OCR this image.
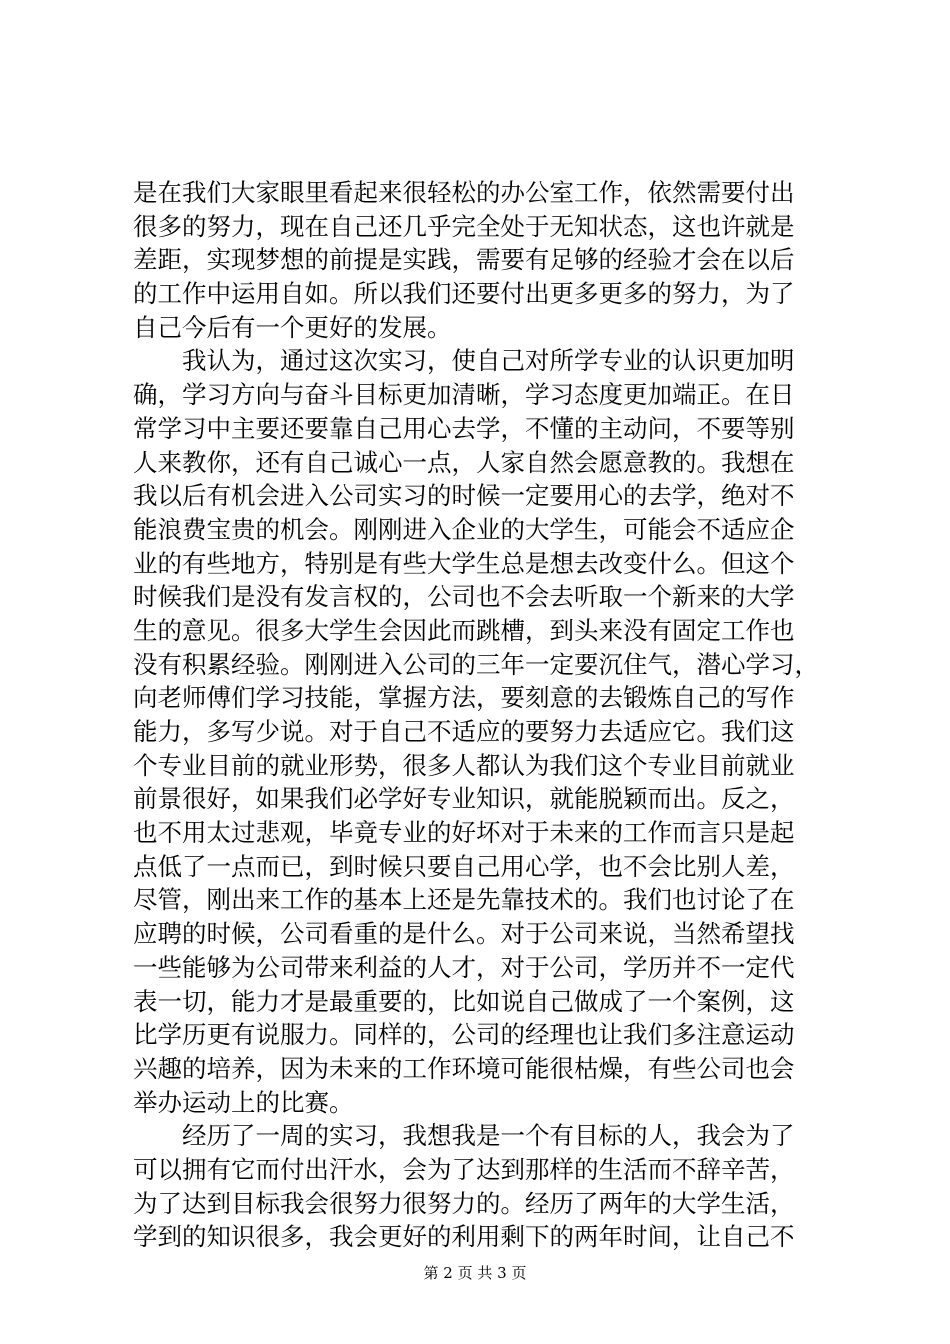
是在我们大家眼里看起来很轻松的办公室工作，依然需要付出
很多的努力，现在自己还几乎完全处于无知状态，这也许就是
差距，实现梦想的前提是实践，需要有足够的经验才会在以后
的工作中运用自如。所以我们还要付出更多更多的努力，为了
自己今后有一个更好的发展。
　　我认为，通过这次实习，使自己对所学专业的认识更加明
确，学习方向与奋斗目标更加清晰，学习态度更加端正。在日
常学习中主要还要靠自己用心去学，不懂的主动问，不要等别
人来教你，还有自己诚心一点，人家自然会愿意教的。我想在
我以后有机会进入公司实习的时候一定要用心的去学，绝对不
能浪费宝贵的机会。刚刚进入企业的大学生，可能会不适应企
业的有些地方，特别是有些大学生总是想去改变什么。但这个
时候我们是没有发言权的，公司也不会去听取一个新来的大学
生的意见。很多大学生会因此而跳槽，到头来没有固定工作也
没有积累经验。刚刚进入公司的三年一定要沉住气，潜心学习，
向老师傅们学习技能，掌握方法，要刻意的去锻炼自己的写作
能力，多写少说。对于自己不适应的要努力去适应它。我们这
个专业目前的就业形势，很多人都认为我们这个专业目前就业
前景很好，如果我们必学好专业知识，就能脱颖而出。反之，
也不用太过悲观，毕竟专业的好坏对于未来的工作而言只是起
点低了一点而已，到时候只要自己用心学，也不会比别人差，
尽管，刚出来工作的基本上还是先靠技术的。我们也讨论了在
应聘的时候，公司看重的是什么。对于公司来说，当然希望找
一些能够为公司带来利益的人才，对于公司，学历并不一定代
表一切，能力才是最重要的，比如说自己做成了一个案例，这
比学历更有说服力。同样的，公司的经理也让我们多注意运动
兴趣的培养，因为未来的工作环境可能很枯燥，有些公司也会
举办运动上的比赛。
　　经历了一周的实习，我想我是一个有目标的人，我会为了
可以拥有它而付出汗水，会为了达到那样的生活而不辞辛苦，
为了达到目标我会很努力很努力的。经历了两年的大学生活，
学到的知识很多，我会更好的利用剩下的两年时间，让自己不
第 2 页 共 3 页
